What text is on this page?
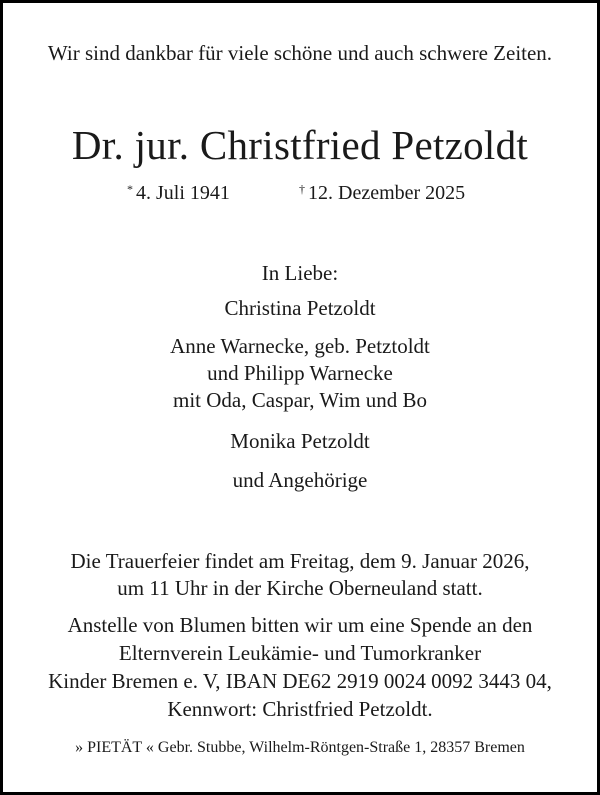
Wir sind dankbar für viele schöne und auch schwere Zeiten.
Dr. jur. Christfried Petzoldt
* 4. Juli 1941	† 12. Dezember 2025
In Liebe:
Christina Petzoldt
Anne Warnecke, geb. Petztoldt
und Philipp Warnecke
mit Oda, Caspar, Wim und Bo
Monika Petzoldt
und Angehörige
Die Trauerfeier findet am Freitag, dem 9. Januar 2026,
um 11 Uhr in der Kirche Oberneuland statt.
Anstelle von Blumen bitten wir um eine Spende an den
Elternverein Leukämie- und Tumorkranker
Kinder Bremen e. V, IBAN DE62 2919 0024 0092 3443 04,
Kennwort: Christfried Petzoldt.
» PIETÄT « Gebr. Stubbe, Wilhelm-Röntgen-Straße 1, 28357 Bremen
